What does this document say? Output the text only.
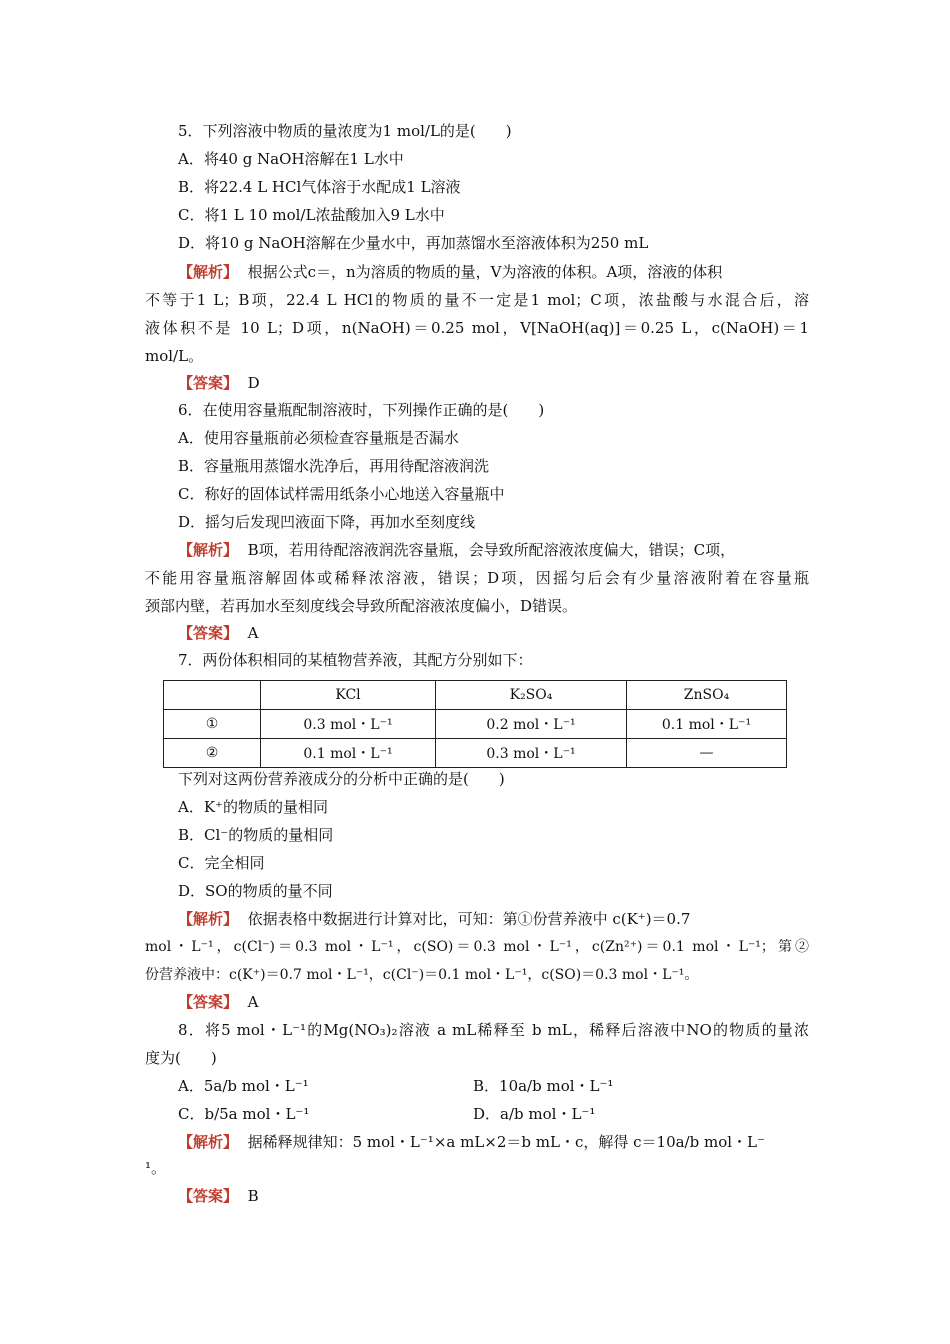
5．下列溶液中物质的量浓度为1 mol/L的是(　　)
A．将40 g NaOH溶解在1 L水中
B．将22.4 L HCl气体溶于水配成1 L溶液
C．将1 L 10 mol/L浓盐酸加入9 L水中
D．将10 g NaOH溶解在少量水中，再加蒸馏水至溶液体积为250 mL
【解析】 根据公式c＝，n为溶质的物质的量，V为溶液的体积。A项，溶液的体积
不等于1 L；B项，22.4 L HCl的物质的量不一定是1 mol；C项，浓盐酸与水混合后，溶
液体积不是 10 L；D项，n(NaOH)＝0.25 mol，V[NaOH(aq)]＝0.25 L，c(NaOH)＝1
mol/L。
【答案】 D
6．在使用容量瓶配制溶液时，下列操作正确的是(　　)
A．使用容量瓶前必须检查容量瓶是否漏水
B．容量瓶用蒸馏水洗净后，再用待配溶液润洗
C．称好的固体试样需用纸条小心地送入容量瓶中
D．摇匀后发现凹液面下降，再加水至刻度线
【解析】 B项，若用待配溶液润洗容量瓶，会导致所配溶液浓度偏大，错误；C项，
不能用容量瓶溶解固体或稀释浓溶液，错误；D项，因摇匀后会有少量溶液附着在容量瓶
颈部内壁，若再加水至刻度线会导致所配溶液浓度偏小，D错误。
【答案】 A
7．两份体积相同的某植物营养液，其配方分别如下：
	KCl	K₂SO₄	ZnSO₄
①	0.3 mol・L⁻¹	0.2 mol・L⁻¹	0.1 mol・L⁻¹
②	0.1 mol・L⁻¹	0.3 mol・L⁻¹	—
下列对这两份营养液成分的分析中正确的是(　　)
A．K⁺的物质的量相同
B．Cl⁻的物质的量相同
C．完全相同
D．SO的物质的量不同
【解析】 依据表格中数据进行计算对比，可知：第①份营养液中 c(K⁺)＝0.7
mol・L⁻¹，c(Cl⁻)＝0.3 mol・L⁻¹，c(SO)＝0.3 mol・L⁻¹，c(Zn²⁺)＝0.1 mol・L⁻¹；第②
份营养液中：c(K⁺)＝0.7 mol・L⁻¹，c(Cl⁻)＝0.1 mol・L⁻¹，c(SO)＝0.3 mol・L⁻¹。
【答案】 A
8．将5 mol・L⁻¹的Mg(NO₃)₂溶液 a mL稀释至 b mL，稀释后溶液中NO的物质的量浓
度为(　　)
A．5a/b mol・L⁻¹	B．10a/b mol・L⁻¹
C．b/5a mol・L⁻¹	D．a/b mol・L⁻¹
【解析】 据稀释规律知：5 mol・L⁻¹×a mL×2＝b mL・c，解得 c＝10a/b mol・L⁻
¹。
【答案】 B
